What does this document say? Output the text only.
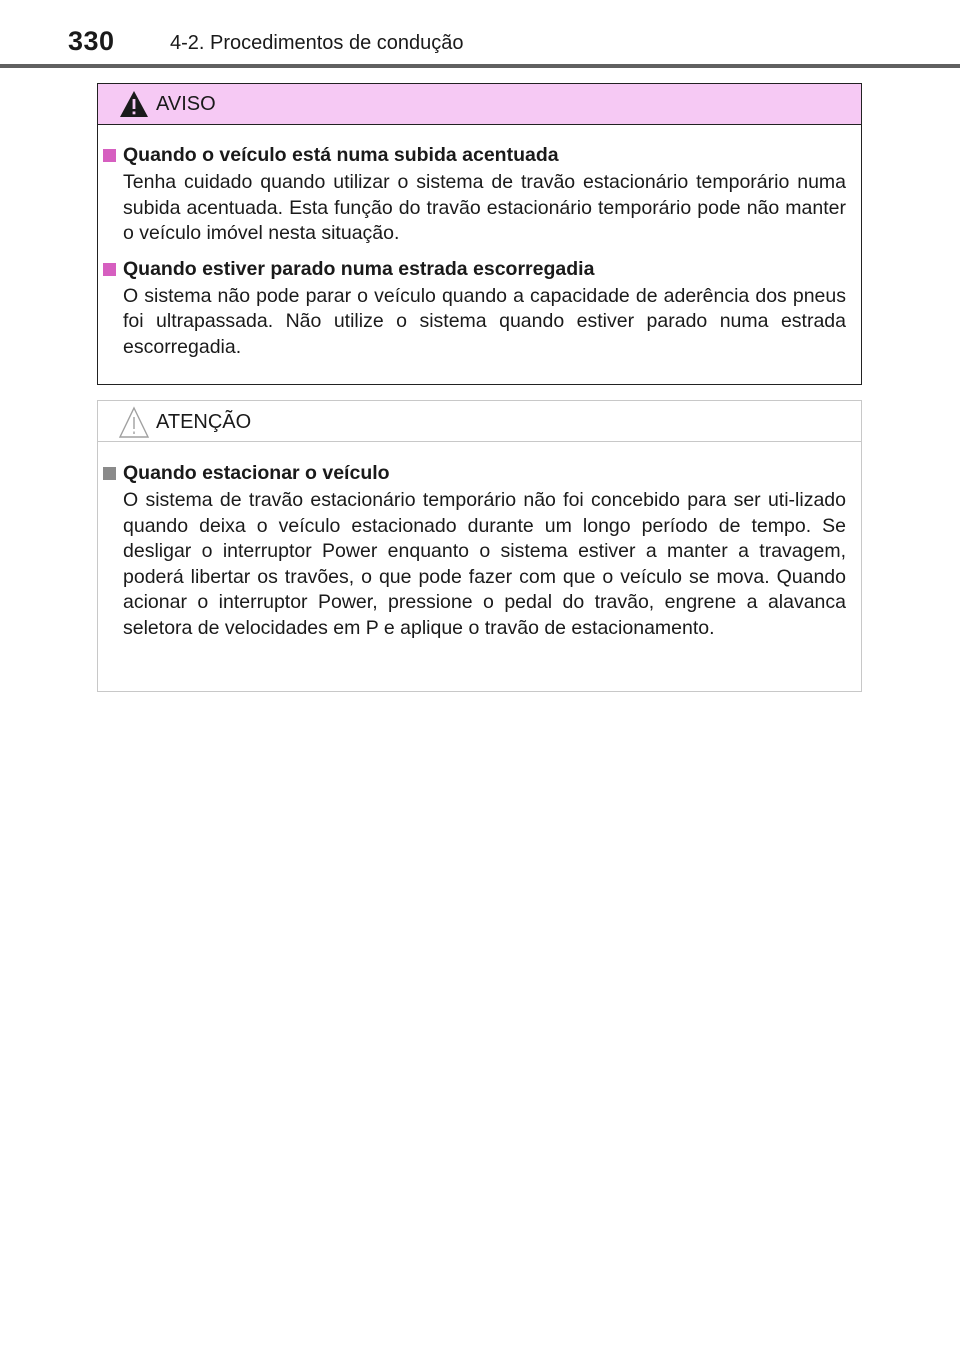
330	4-2. Procedimentos de condução
AVISO
Quando o veículo está numa subida acentuada

Tenha cuidado quando utilizar o sistema de travão estacionário temporário numa subida acentuada. Esta função do travão estacionário temporário pode não manter o veículo imóvel nesta situação.

Quando estiver parado numa estrada escorregadia

O sistema não pode parar o veículo quando a capacidade de aderência dos pneus foi ultrapassada. Não utilize o sistema quando estiver parado numa estrada escorregadia.

ATENÇÃO
Quando estacionar o veículo

O sistema de travão estacionário temporário não foi concebido para ser uti-lizado quando deixa o veículo estacionado durante um longo período de tempo. Se desligar o interruptor Power enquanto o sistema estiver a manter a travagem, poderá libertar os travões, o que pode fazer com que o veículo se mova. Quando acionar o interruptor Power, pressione o pedal do travão, engrene a alavanca seletora de velocidades em P e aplique o travão de estacionamento.
